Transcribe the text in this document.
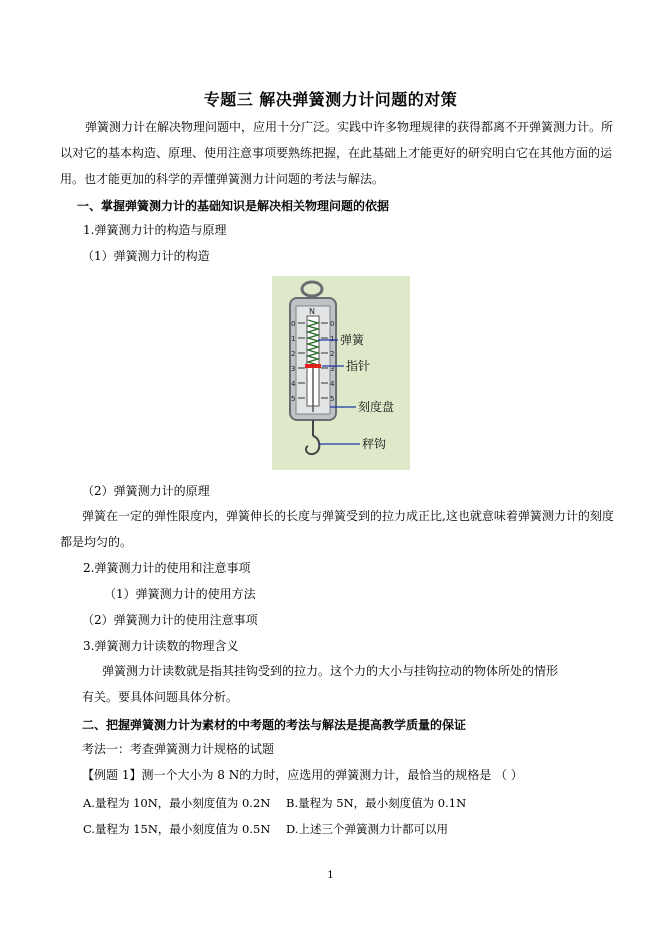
专题三 解决弹簧测力计问题的对策
弹簧测力计在解决物理问题中，应用十分广泛。实践中许多物理规律的获得都离不开弹簧测力计。所
以对它的基本构造、原理、使用注意事项要熟练把握，在此基础上才能更好的研究明白它在其他方面的运
用。也才能更加的科学的弄懂弹簧测力计问题的考法与解法。
一、掌握弹簧测力计的基础知识是解决相关物理问题的依据
1.弹簧测力计的构造与原理
（1）弹簧测力计的构造
N
0
1
2
3
4
5
0
1
2
3
4
5
弹簧
指针
刻度盘
秤钩
（2）弹簧测力计的原理
弹簧在一定的弹性限度内，弹簧伸长的长度与弹簧受到的拉力成正比,这也就意味着弹簧测力计的刻度
都是均匀的。
2.弹簧测力计的使用和注意事项
（1）弹簧测力计的使用方法
（2）弹簧测力计的使用注意事项
3.弹簧测力计读数的物理含义
弹簧测力计读数就是指其挂钩受到的拉力。这个力的大小与挂钩拉动的物体所处的情形
有关。要具体问题具体分析。
二、把握弹簧测力计为素材的中考题的考法与解法是提高教学质量的保证
考法一：考查弹簧测力计规格的试题
【例题 1】测一个大小为 8 N的力时，应选用的弹簧测力计，最恰当的规格是 （ ）
A.量程为 10N，最小刻度值为 0.2N B.量程为 5N，最小刻度值为 0.1N
C.量程为 15N，最小刻度值为 0.5N D.上述三个弹簧测力计都可以用
1
